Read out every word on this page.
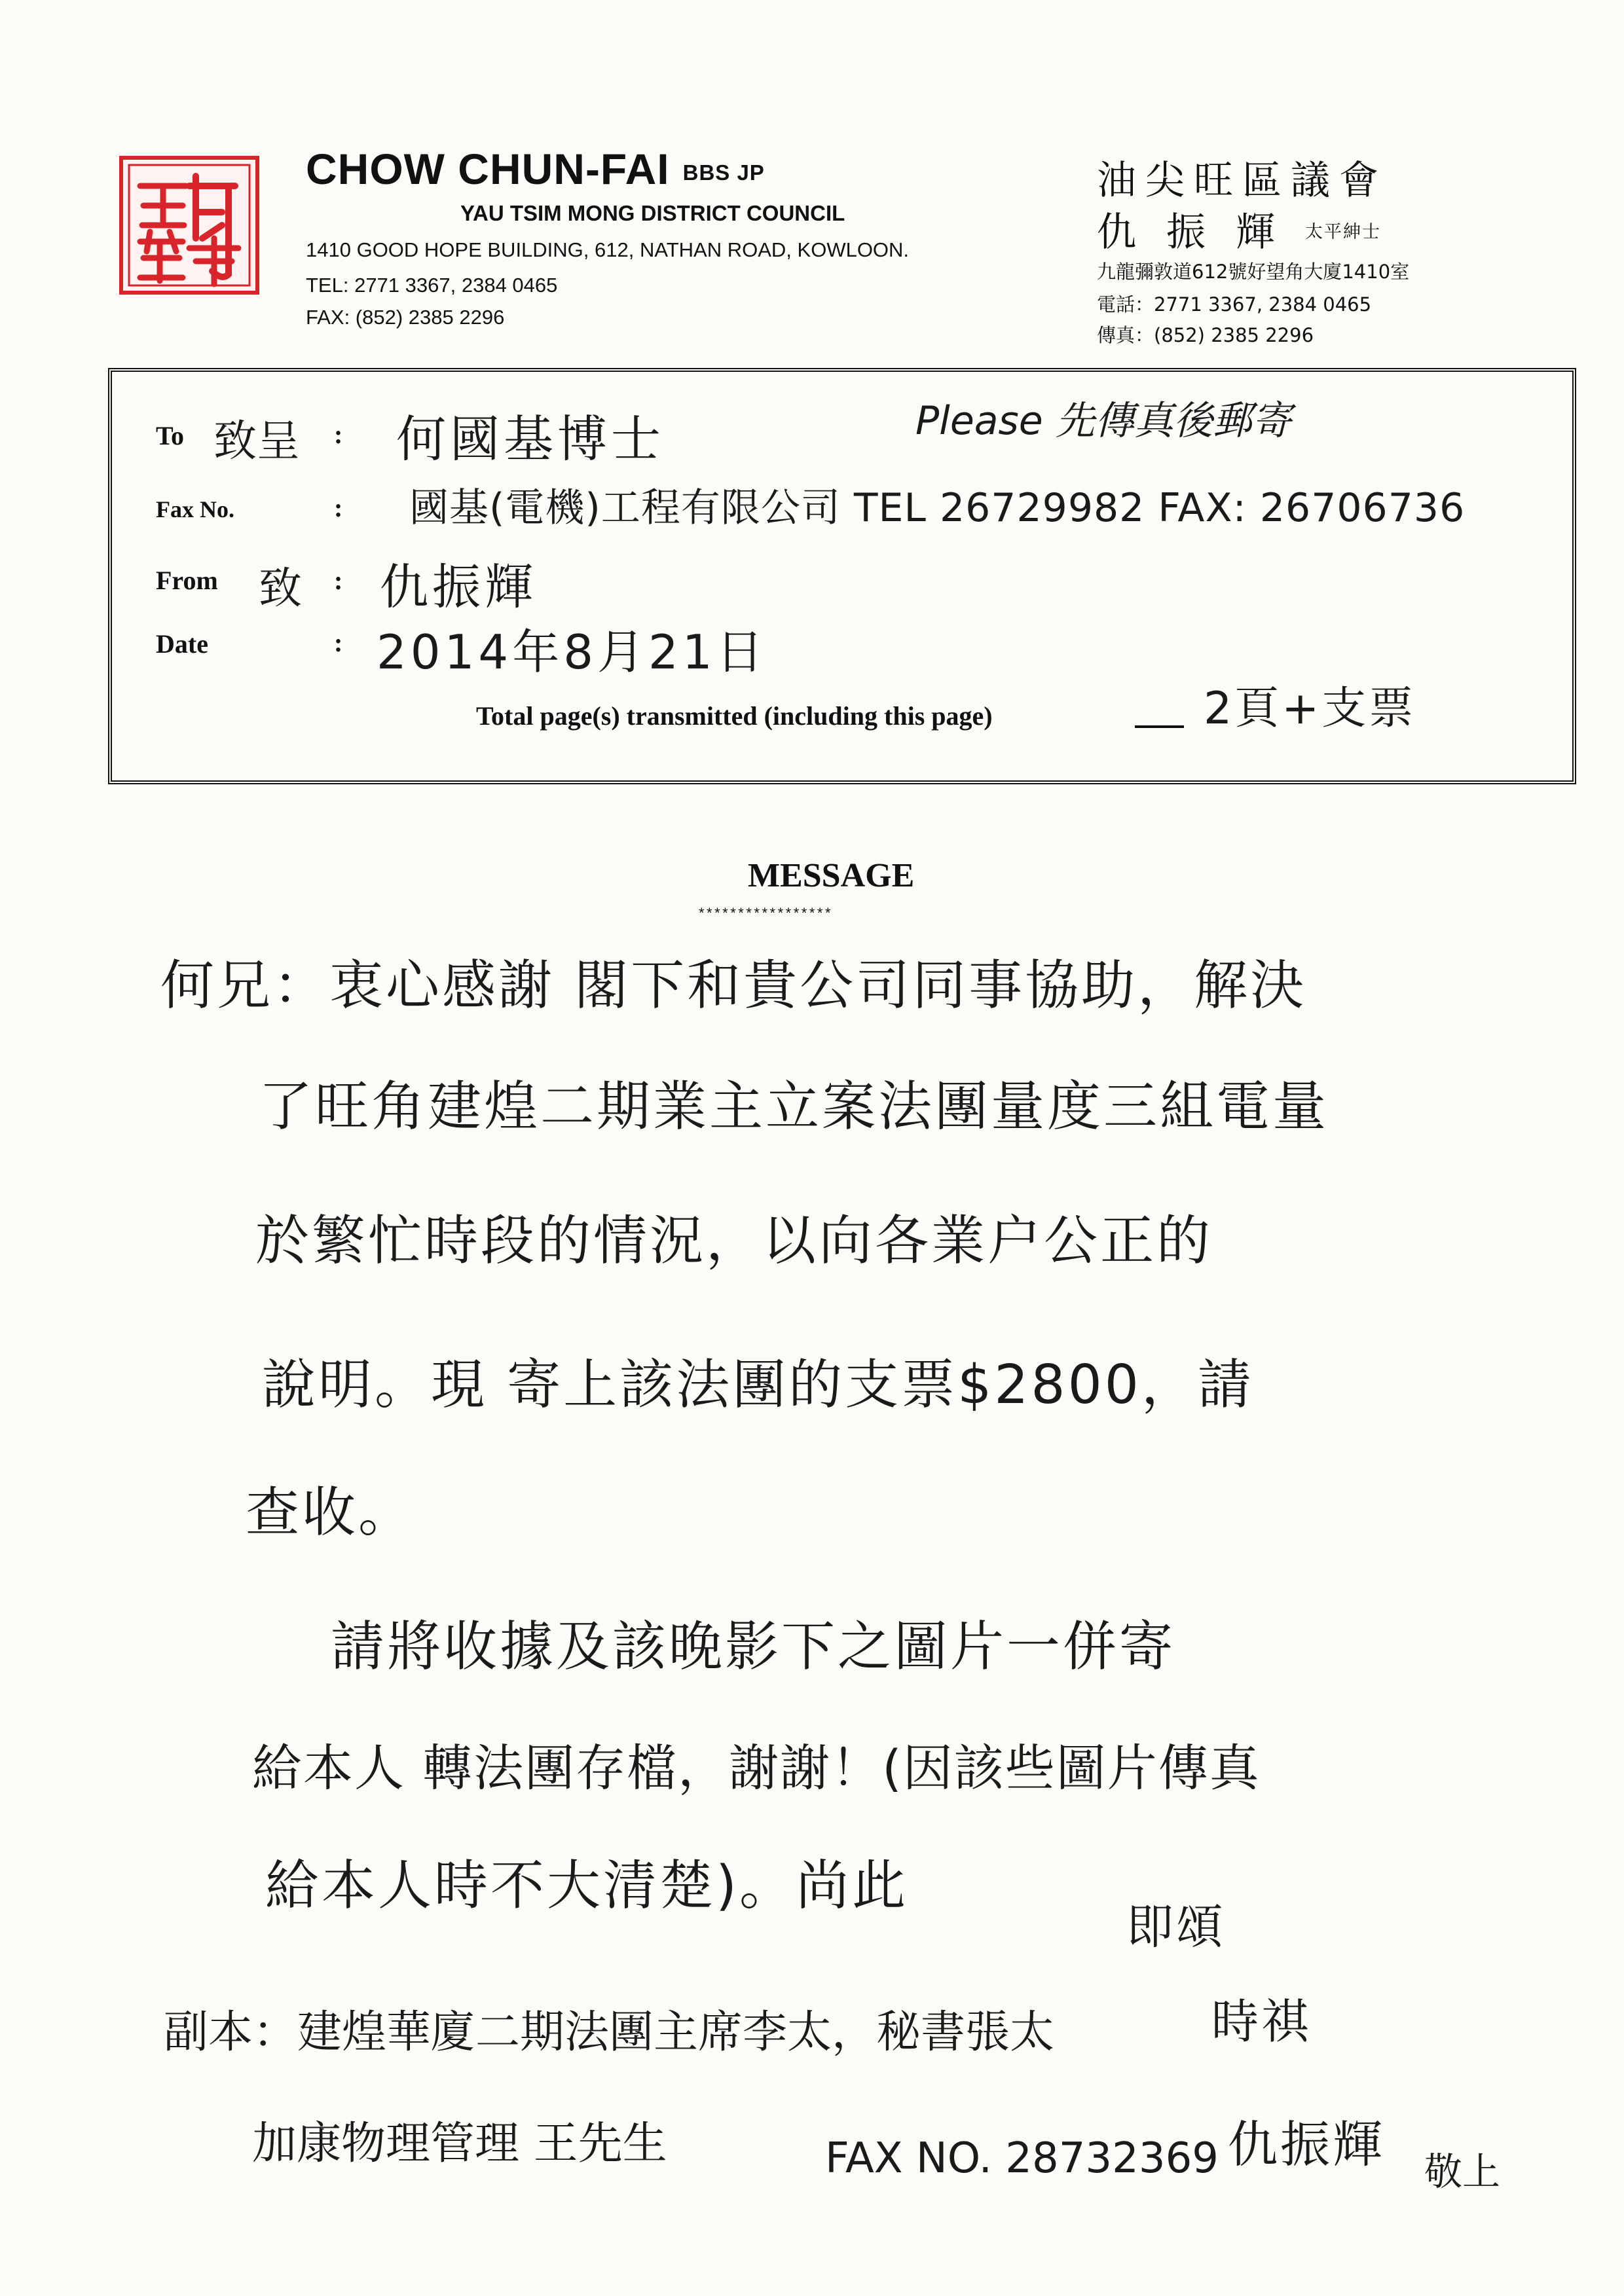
CHOW CHUN-FAI BBS JP
YAU TSIM MONG DISTRICT COUNCIL
1410 GOOD HOPE BUILDING, 612, NATHAN ROAD, KOWLOON.
TEL: 2771 3367, 2384 0465
FAX: (852) 2385 2296
油尖旺區議會
仇振輝$^{太平紳士}$
九龍彌敦道612號好望角大廈1410室
電話：2771 3367, 2384 0465
傳真：(852) 2385 2296
To 致呈 : 何國基博士	Please 先傳真後郵寄
Fax No.	: 國基(電機)工程有限公司 TEL 26729982 FAX: 26706736
From 致 : 仇振輝
Date	: 2014年8月21日
Total page(s) transmitted (including this page)	2頁+支票
MESSAGE
*****************
何兄：衷心感謝 閣下和貴公司同事協助，解決
了旺角建煌二期業主立案法團量度三組電量
於繁忙時段的情況，以向各業户公正的
說明。現 寄上該法團的支票$2800，請
查收。
請將收據及該晚影下之圖片一併寄
給本人 轉法團存檔，謝謝！(因該些圖片傳真
給本人時不大清楚)。尚此
即頌
時祺
副本：建煌華廈二期法團主席李太，秘書張太
加康物理管理 王先生	FAX NO. 28732369 仇振輝 敬上
